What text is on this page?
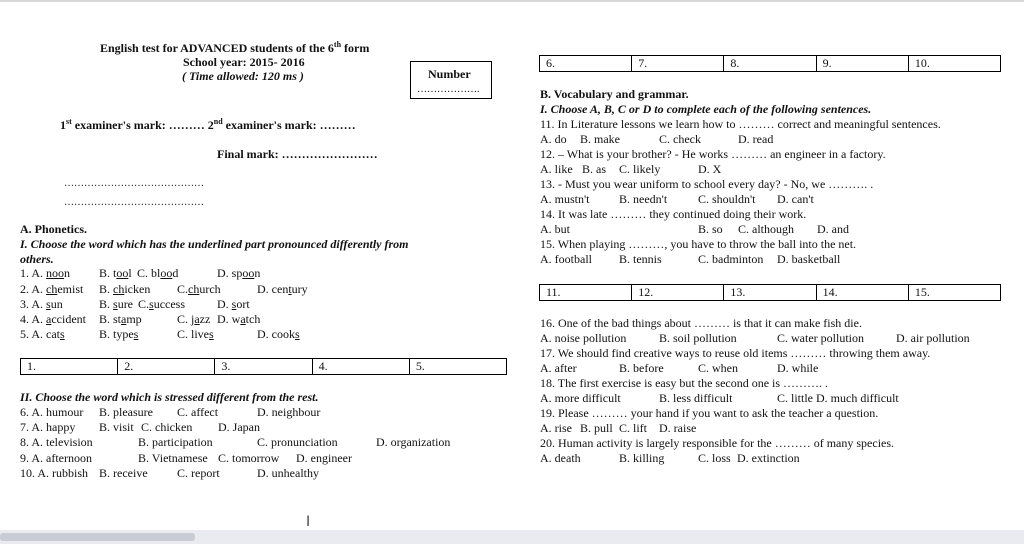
English test for ADVANCED students of the 6th form
School year: 2015- 2016
( Time allowed: 120 ms )	Number
……………….
1st examiner's mark: ……… 2nd examiner's mark: ………
Final mark: ……………………
……………………………………
……………………………………
A. Phonetics.
I. Choose the word which has the underlined part pronounced differently from
others.
1. A. noon B. tool C. blood	D. spoon
2. A. chemist B. chicken C.church	D. century
3. A. sun	B. sure C.success	D. sort
4. A. accident B. stamp	C. jazz D. watch
5. A. cats	B. types	C. lives	D. cooks
1.	2.	3.	4.	5.
II. Choose the word which is stressed different from the rest.
6. A. humour B. pleasure C. affect	D. neighbour
7. A. happy B. visit C. chicken D. Japan
8. A. television	B. participation	C. pronunciation	D. organization
9. A. afternoon	B. Vietnamese C. tomorrow D. engineer
10. A. rubbish B. receive C. report	D. unhealthy
6.	7.	8.	9.	10.
B. Vocabulary and grammar.
I. Choose A, B, C or D to complete each of the following sentences.
11. In Literature lessons we learn how to ……… correct and meaningful sentences.
A. do B. make	C. check	D. read
12. – What is your brother? - He works ……… an engineer in a factory.
A. like B. as C. likely	D. X
13. - Must you wear uniform to school every day? - No, we ………. .
A. mustn't B. needn't	C. shouldn't D. can't
14. It was late ……… they continued doing their work.
A. but	B. so C. although D. and
15. When playing ………, you have to throw the ball into the net.
A. football B. tennis	C. badminton D. basketball
11.	12.	13.	14.	15.
16. One of the bad things about ……… is that it can make fish die.
A. noise pollution	B. soil pollution	C. water pollution	D. air pollution
17. We should find creative ways to reuse old items ……… throwing them away.
A. after	B. before	C. when	D. while
18. The first exercise is easy but the second one is ………. .
A. more difficult	B. less difficult	C. little D. much difficult
19. Please ……… your hand if you want to ask the teacher a question.
A. rise B. pull C. lift D. raise
20. Human activity is largely responsible for the ……… of many species.
A. death	B. killing	C. loss D. extinction
I
